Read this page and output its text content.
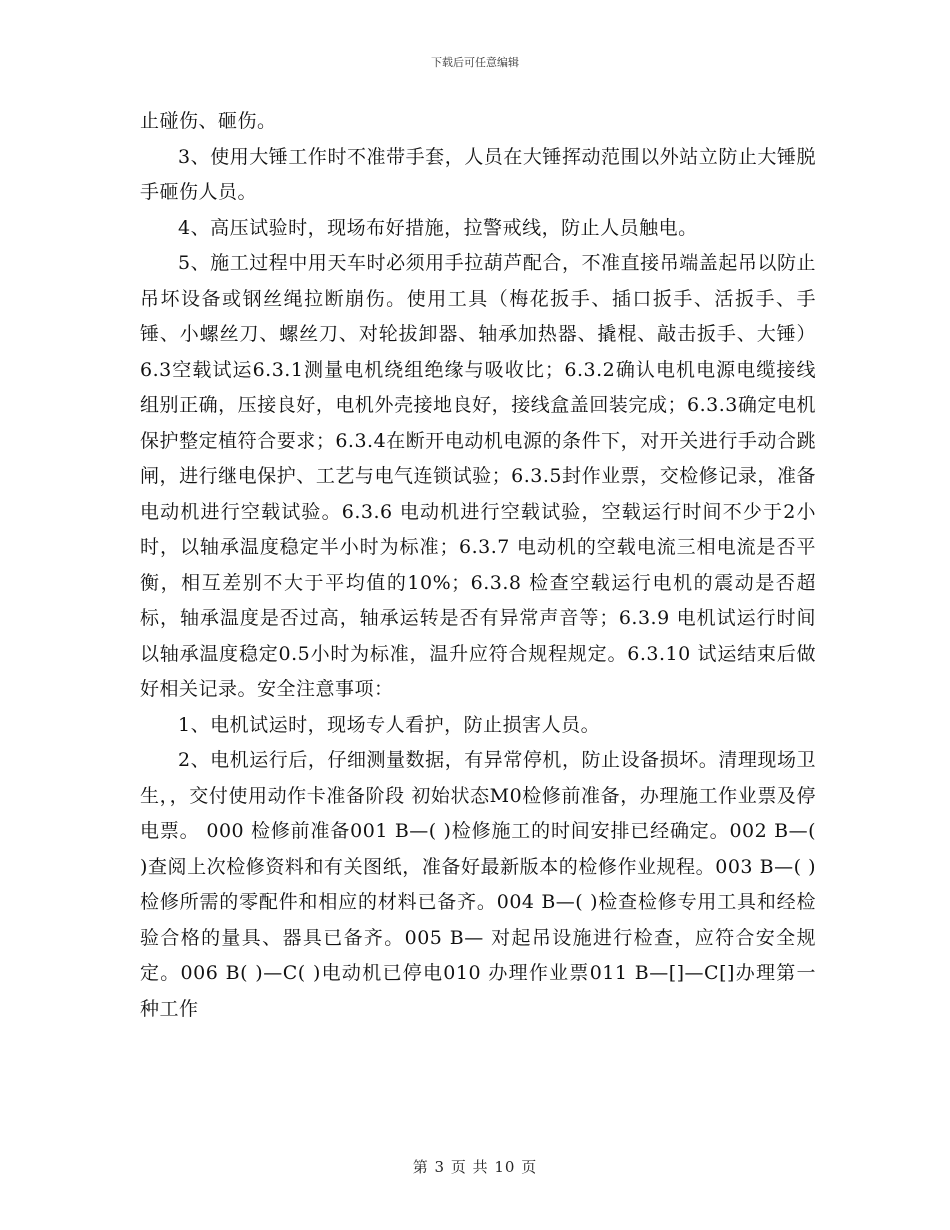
下载后可任意编辑

止碰伤、砸伤。

3、使用大锤工作时不准带手套，人员在大锤挥动范围以外站立防止大锤脱手砸伤人员。

4、高压试验时，现场布好措施，拉警戒线，防止人员触电。

5、施工过程中用天车时必须用手拉葫芦配合，不准直接吊端盖起吊以防止吊坏设备或钢丝绳拉断崩伤。使用工具（梅花扳手、插口扳手、活扳手、手锤、小螺丝刀、螺丝刀、对轮拔卸器、轴承加热器、撬棍、敲击扳手、大锤）6.3空载试运6.3.1测量电机绕组绝缘与吸收比；6.3.2确认电机电源电缆接线组别正确，压接良好，电机外壳接地良好，接线盒盖回装完成；6.3.3确定电机保护整定植符合要求；6.3.4在断开电动机电源的条件下，对开关进行手动合跳闸，进行继电保护、工艺与电气连锁试验；6.3.5封作业票，交检修记录，准备电动机进行空载试验。6.3.6 电动机进行空载试验，空载运行时间不少于2小时，以轴承温度稳定半小时为标准；6.3.7 电动机的空载电流三相电流是否平衡，相互差别不大于平均值的10%；6.3.8 检查空载运行电机的震动是否超标，轴承温度是否过高，轴承运转是否有异常声音等；6.3.9 电机试运行时间以轴承温度稳定0.5小时为标准，温升应符合规程规定。6.3.10 试运结束后做好相关记录。安全注意事项：

1、电机试运时，现场专人看护，防止损害人员。

2、电机运行后，仔细测量数据，有异常停机，防止设备损坏。清理现场卫生，，交付使用动作卡准备阶段 初始状态M0检修前准备，办理施工作业票及停电票。 000 检修前准备001 B—( )检修施工的时间安排已经确定。002 B—( )查阅上次检修资料和有关图纸，准备好最新版本的检修作业规程。003 B—( )检修所需的零配件和相应的材料已备齐。004 B—( )检查检修专用工具和经检验合格的量具、器具已备齐。005 B— 对起吊设施进行检查，应符合安全规定。006 B( )—C( )电动机已停电010 办理作业票011 B—[]—C[]办理第一种工作

第 3 页 共 10 页
